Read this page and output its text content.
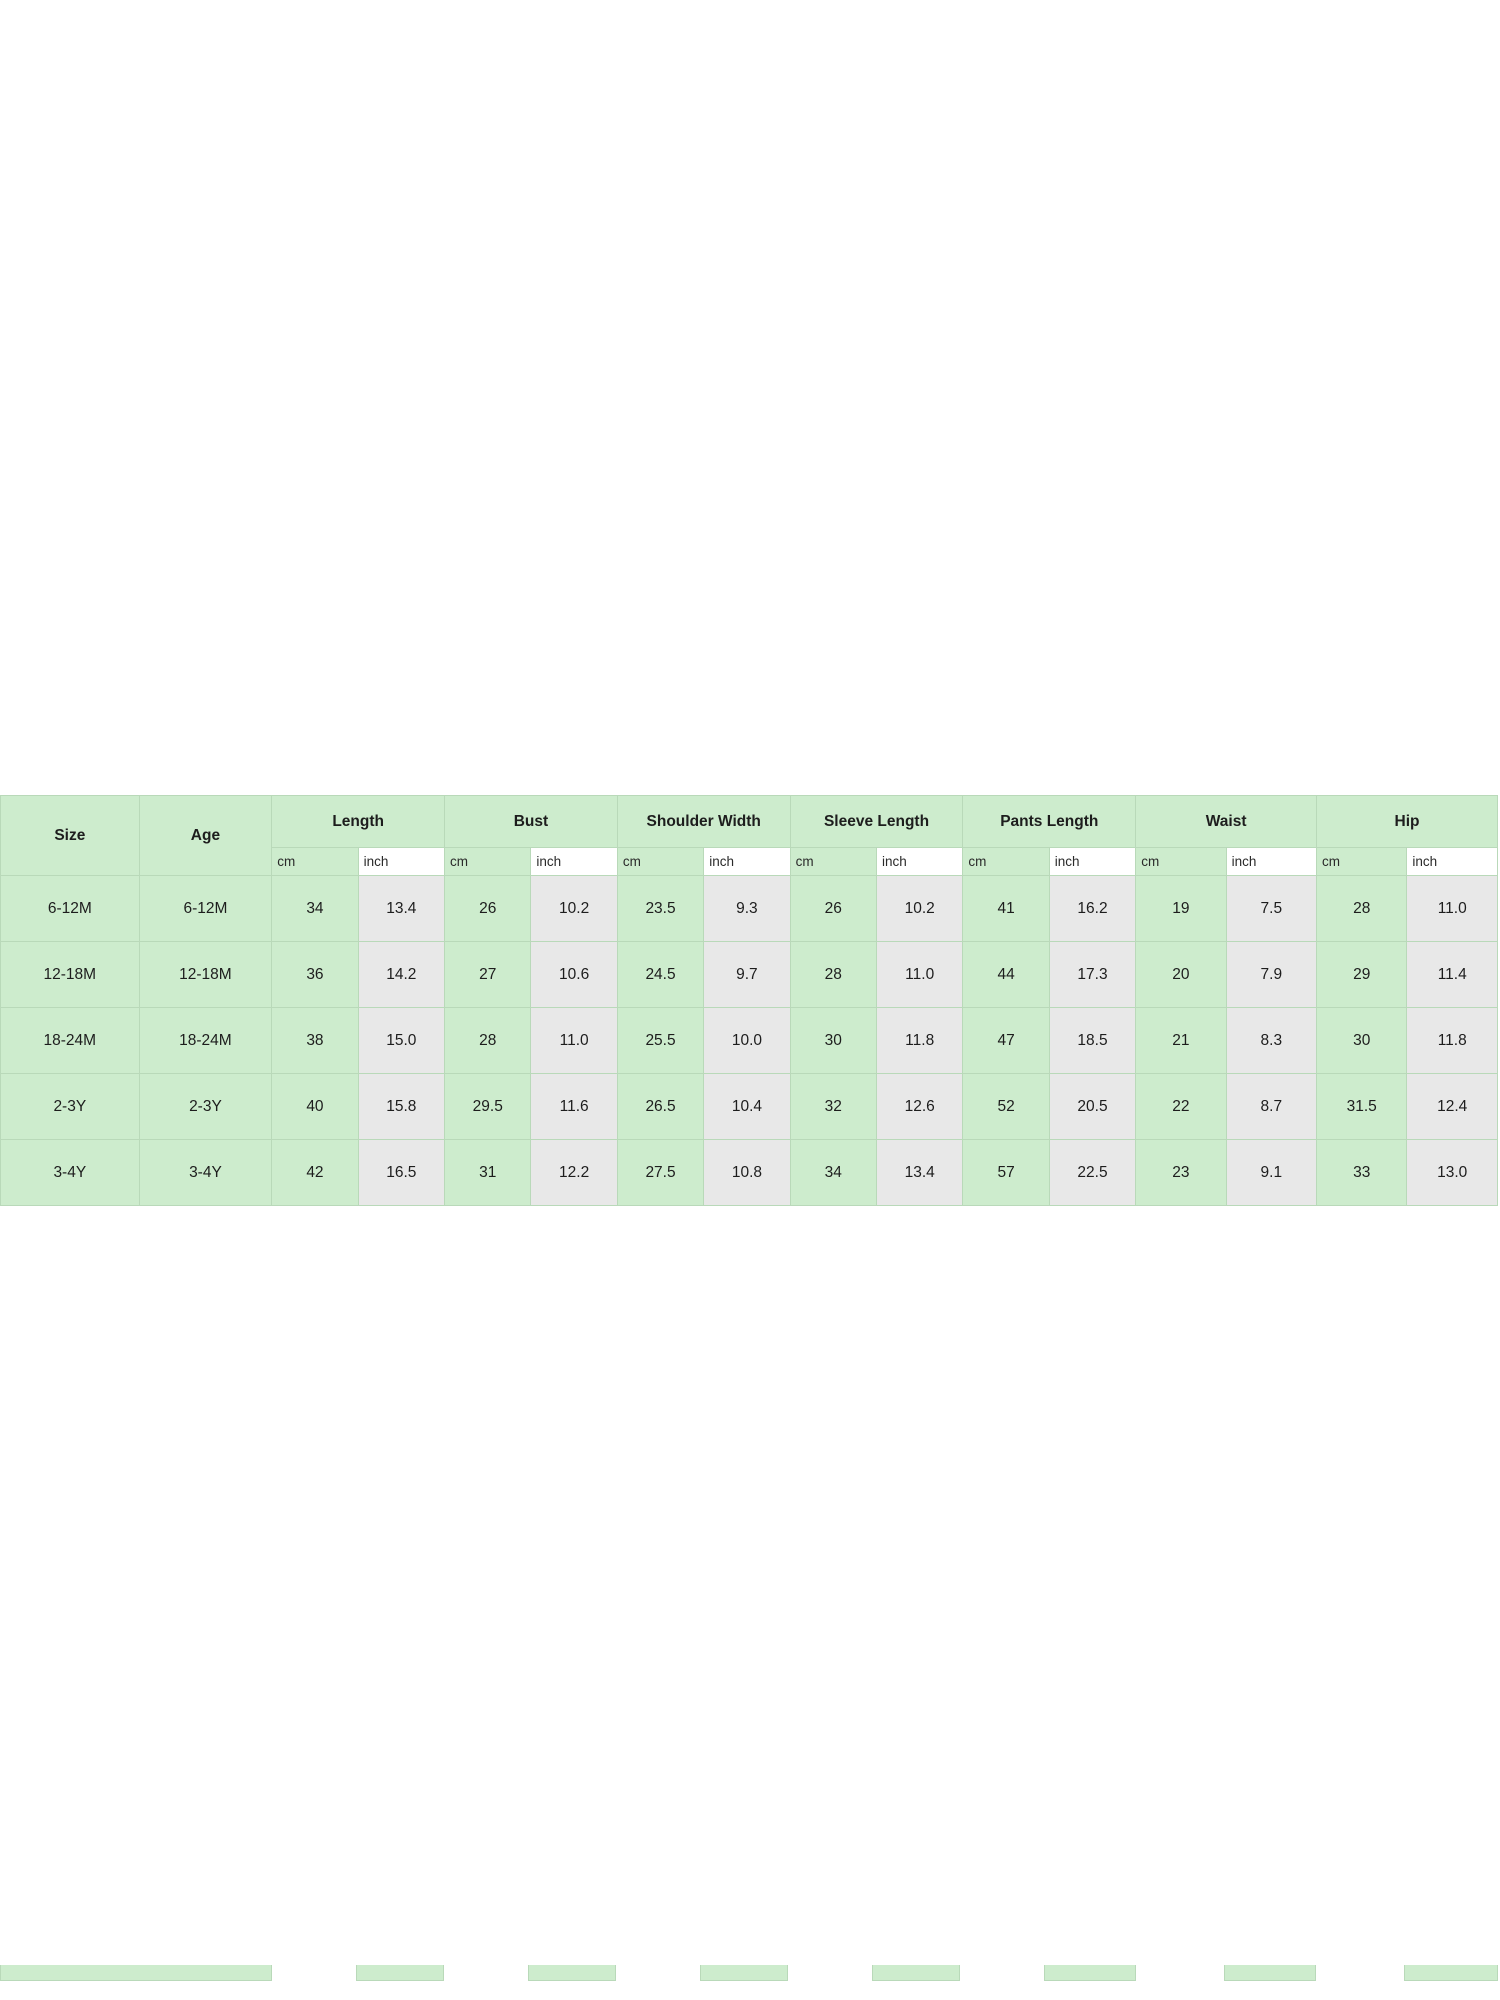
Size	Age	Length		Bust		Shoulder Width		Sleeve Length		Pants Length		Waist		Hip	
		cm	inch	cm	inch	cm	inch	cm	inch	cm	inch	cm	inch	cm	inch
6-12M	6-12M	34	13.4	26	10.2	23.5	9.3	26	10.2	41	16.2	19	7.5	28	11.0
12-18M	12-18M	36	14.2	27	10.6	24.5	9.7	28	11.0	44	17.3	20	7.9	29	11.4
18-24M	18-24M	38	15.0	28	11.0	25.5	10.0	30	11.8	47	18.5	21	8.3	30	11.8
2-3Y	2-3Y	40	15.8	29.5	11.6	26.5	10.4	32	12.6	52	20.5	22	8.7	31.5	12.4
3-4Y	3-4Y	42	16.5	31	12.2	27.5	10.8	34	13.4	57	22.5	23	9.1	33	13.0
